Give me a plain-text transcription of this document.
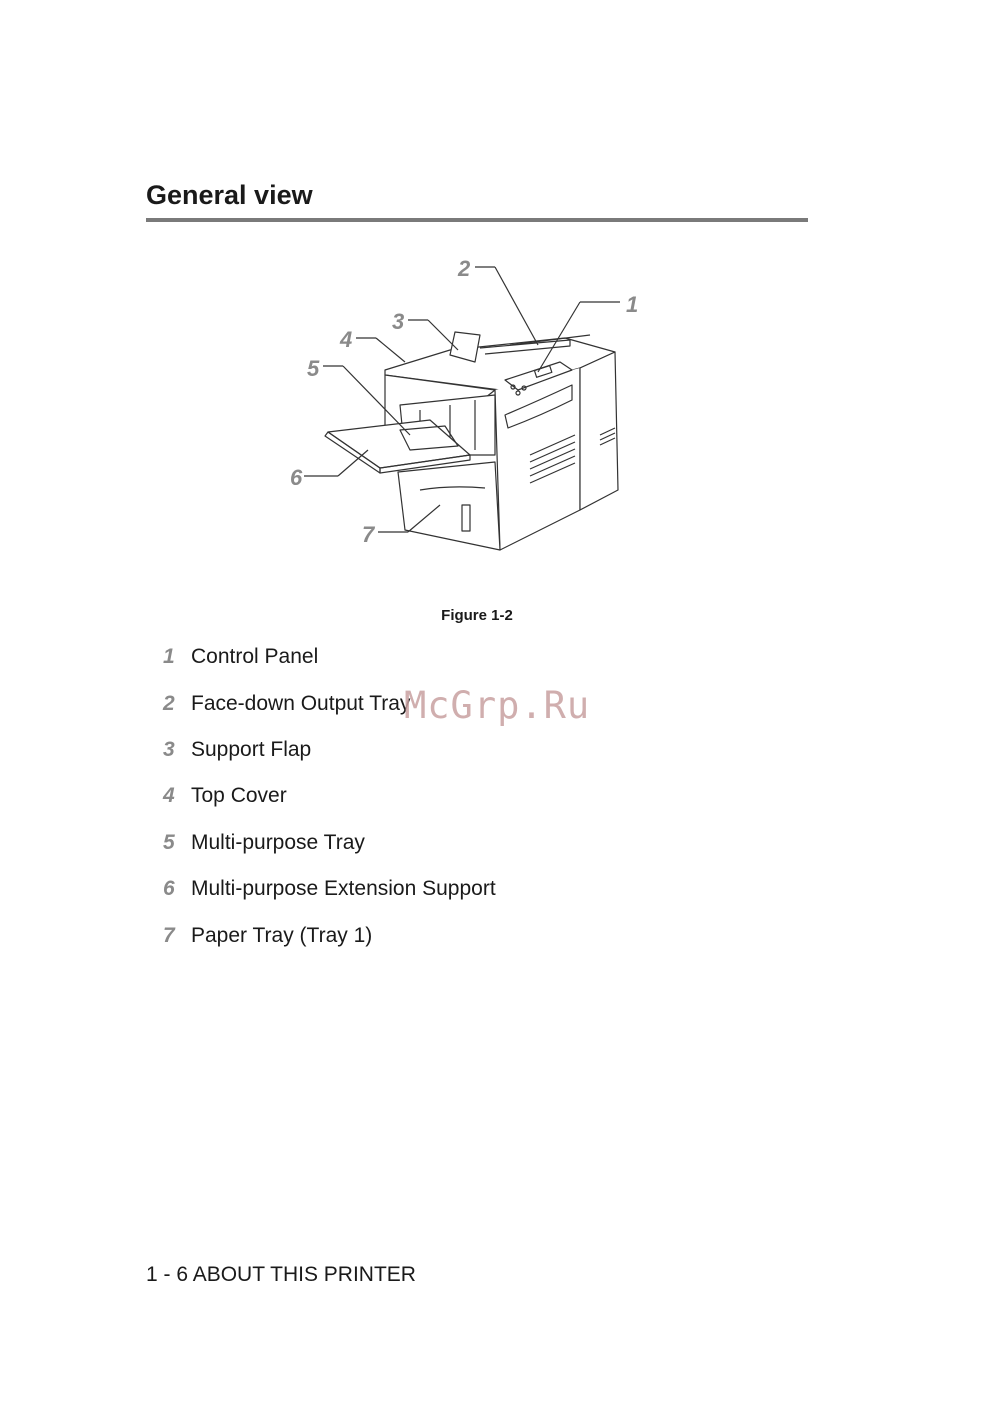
General view
1
2
3
4
5
6
7
Figure 1-2
1 Control Panel
2 Face-down Output Tray
3 Support Flap
4 Top Cover
5 Multi-purpose Tray
6 Multi-purpose Extension Support
7 Paper Tray (Tray 1)
McGrp.Ru
1 - 6 ABOUT THIS PRINTER
